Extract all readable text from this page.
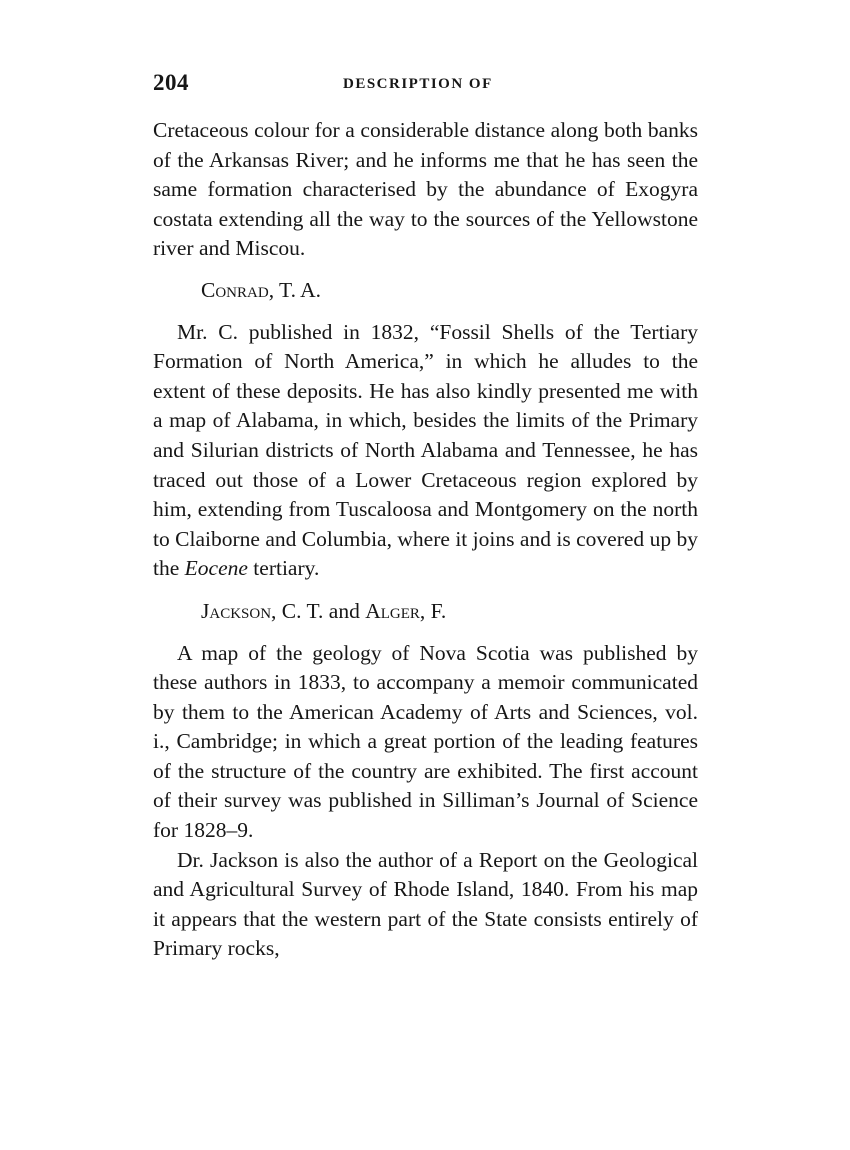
204	DESCRIPTION OF

Cretaceous colour for a considerable distance along both banks of the Arkansas River; and he informs me that he has seen the same formation characterised by the abundance of Exogyra costata extending all the way to the sources of the Yellowstone river and Miscou.

Conrad, T. A.

Mr. C. published in 1832, “Fossil Shells of the Tertiary Formation of North America,” in which he alludes to the extent of these deposits. He has also kindly presented me with a map of Alabama, in which, besides the limits of the Primary and Silurian districts of North Alabama and Tennessee, he has traced out those of a Lower Cretaceous region explored by him, extending from Tuscaloosa and Montgomery on the north to Claiborne and Columbia, where it joins and is covered up by the Eocene tertiary.

Jackson, C. T. and Alger, F.

A map of the geology of Nova Scotia was published by these authors in 1833, to accompany a memoir communicated by them to the American Academy of Arts and Sciences, vol. i., Cambridge; in which a great portion of the leading features of the structure of the country are exhibited. The first account of their survey was published in Silliman’s Journal of Science for 1828–9.

Dr. Jackson is also the author of a Report on the Geological and Agricultural Survey of Rhode Island, 1840. From his map it appears that the western part of the State consists entirely of Primary rocks,
